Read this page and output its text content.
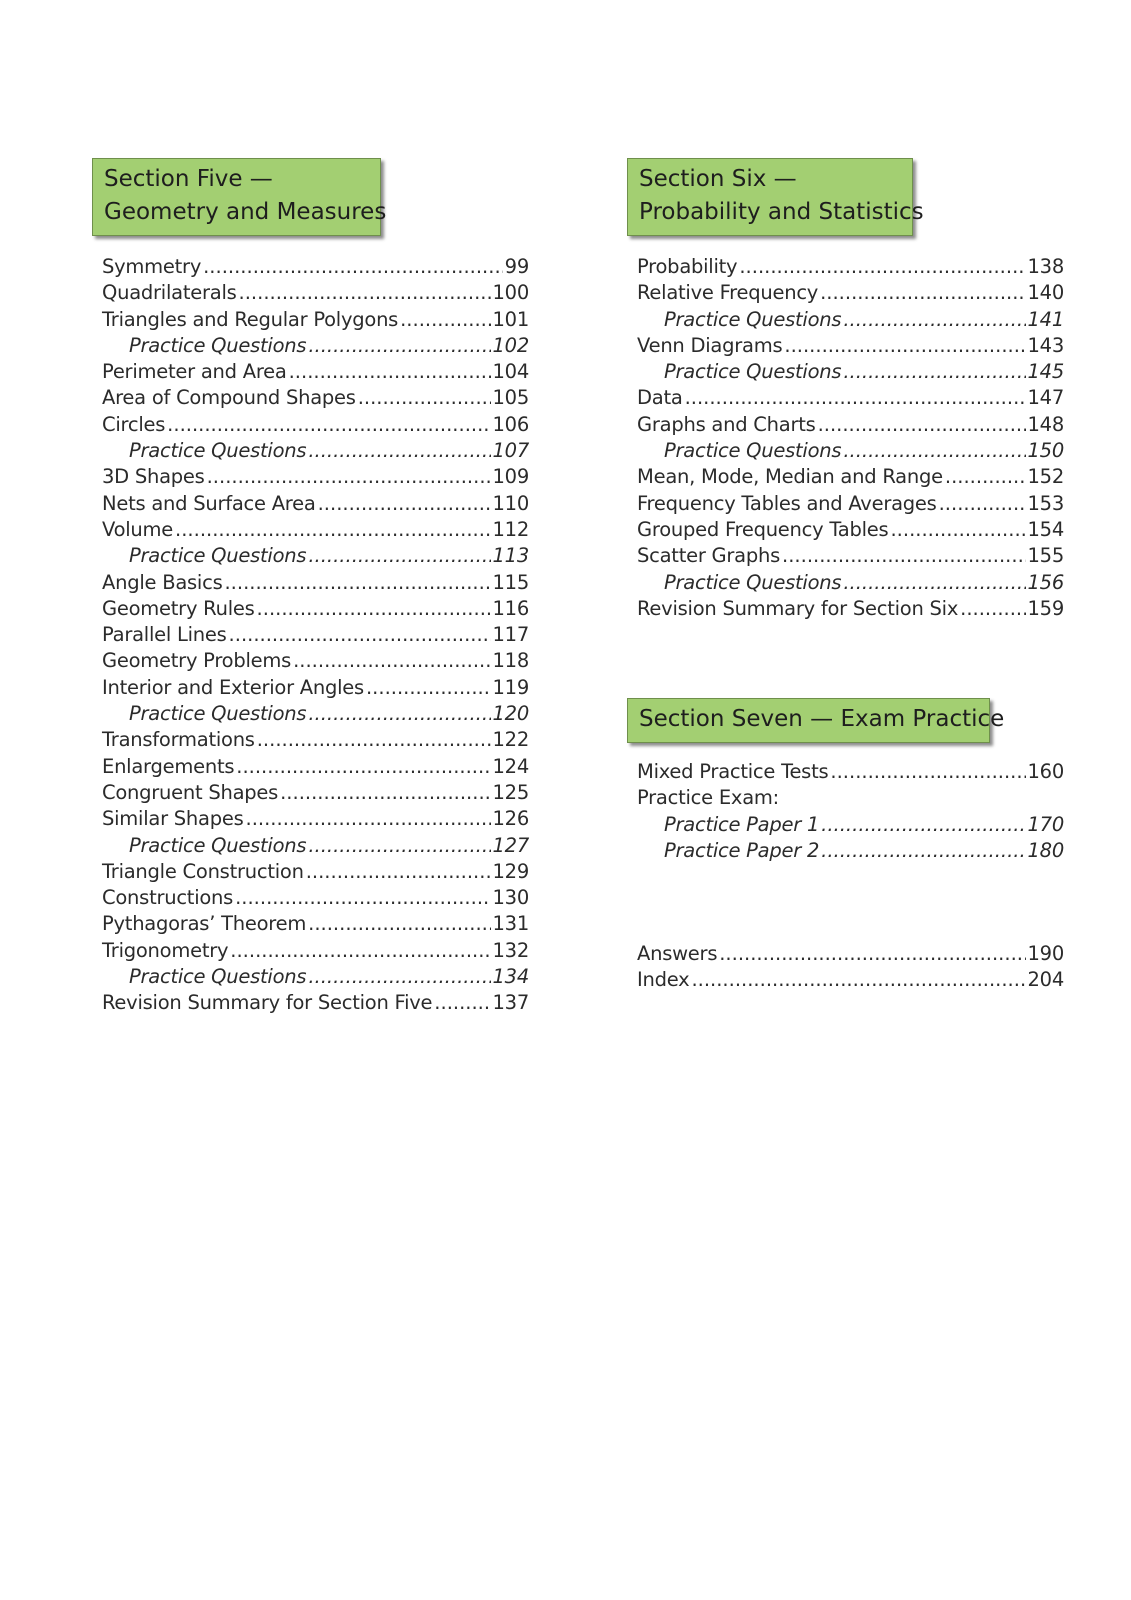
Section Five —
Geometry and Measures
Symmetry .....	99
Quadrilaterals .....	100
Triangles and Regular Polygons .....	101
Practice Questions .....	102
Perimeter and Area .....	104
Area of Compound Shapes .....	105
Circles .....	106
Practice Questions .....	107
3D Shapes .....	109
Nets and Surface Area .....	110
Volume .....	112
Practice Questions .....	113
Angle Basics .....	115
Geometry Rules .....	116
Parallel Lines .....	117
Geometry Problems .....	118
Interior and Exterior Angles .....	119
Practice Questions .....	120
Transformations .....	122
Enlargements .....	124
Congruent Shapes .....	125
Similar Shapes .....	126
Practice Questions .....	127
Triangle Construction .....	129
Constructions .....	130
Pythagoras’ Theorem .....	131
Trigonometry .....	132
Practice Questions .....	134
Revision Summary for Section Five .....	137
Section Six —
Probability and Statistics
Probability .....	138
Relative Frequency .....	140
Practice Questions .....	141
Venn Diagrams .....	143
Practice Questions .....	145
Data .....	147
Graphs and Charts .....	148
Practice Questions .....	150
Mean, Mode, Median and Range .....	152
Frequency Tables and Averages .....	153
Grouped Frequency Tables .....	154
Scatter Graphs .....	155
Practice Questions .....	156
Revision Summary for Section Six .....	159
Section Seven — Exam Practice
Mixed Practice Tests .....	160
Practice Exam:
Practice Paper 1 .....	170
Practice Paper 2 .....	180
Answers .....	190
Index .....	204
